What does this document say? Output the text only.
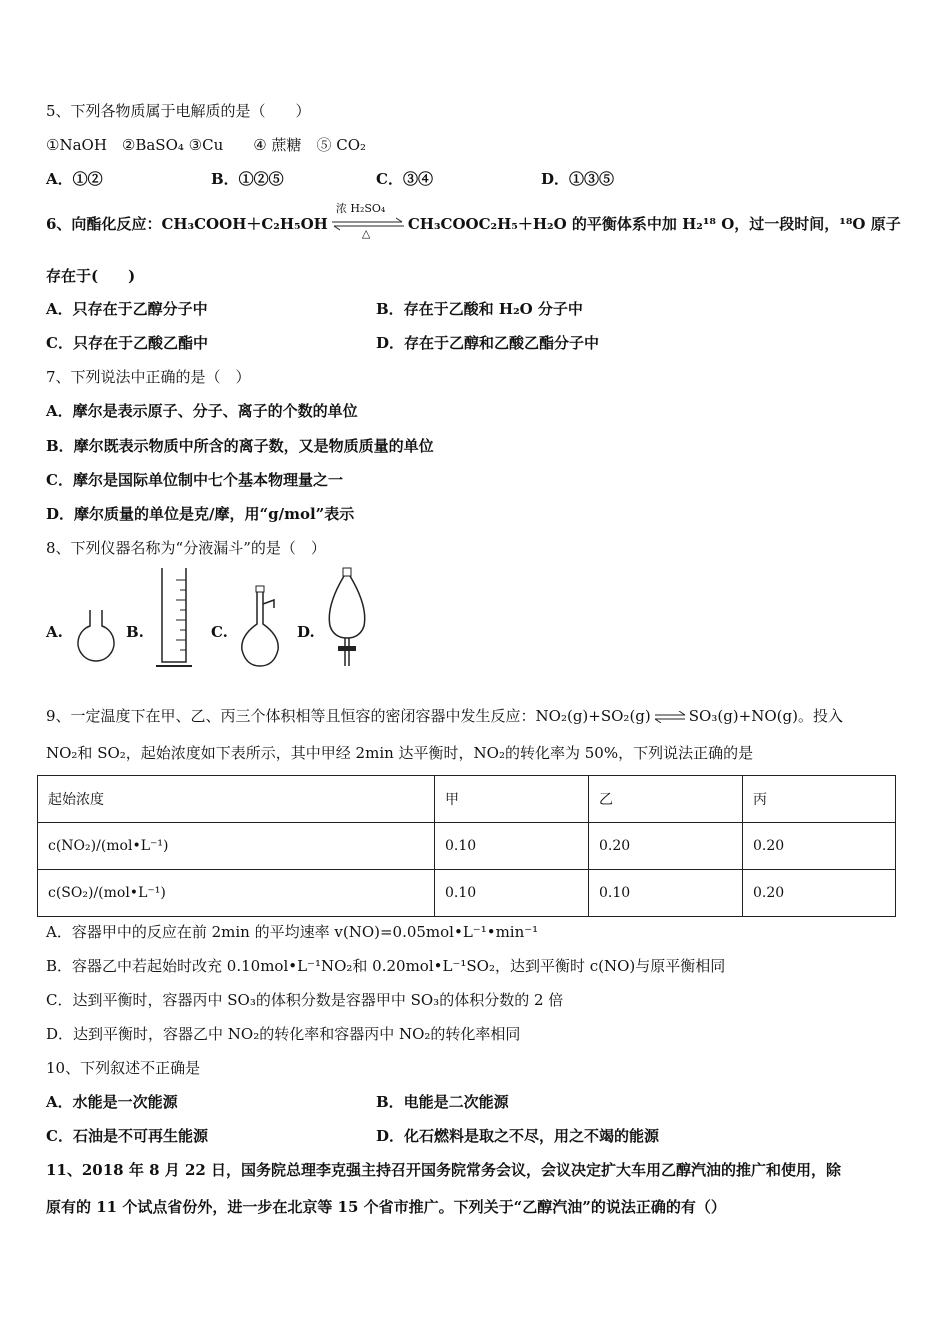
5、下列各物质属于电解质的是（　　）
①NaOH　②BaSO₄ ③Cu　　④ 蔗糖　⑤ CO₂
A．①②	B．①②⑤	C．③④	D．①③⑤
6、向酯化反应：CH₃COOH＋C₂H₅OH
浓 H₂SO₄
△
CH₃COOC₂H₅＋H₂O 的平衡体系中加 H₂¹⁸ O，过一段时间，¹⁸O 原子
存在于(　　)
A．只存在于乙醇分子中	B．存在于乙酸和 H₂O 分子中
C．只存在于乙酸乙酯中	D．存在于乙醇和乙酸乙酯分子中
7、下列说法中正确的是（　）
A．摩尔是表示原子、分子、离子的个数的单位
B．摩尔既表示物质中所含的离子数，又是物质质量的单位
C．摩尔是国际单位制中七个基本物理量之一
D．摩尔质量的单位是克/摩，用“g/mol”表示
8、下列仪器名称为“分液漏斗”的是（　）
A.	B.	C.	D.
9、一定温度下在甲、乙、丙三个体积相等且恒容的密闭容器中发生反应：NO₂(g)+SO₂(g) ⇌ SO₃(g)+NO(g)。投入
NO₂和 SO₂，起始浓度如下表所示，其中甲经 2min 达平衡时，NO₂的转化率为 50%，下列说法正确的是
起始浓度	甲	乙	丙
c(NO₂)/(mol•L⁻¹)	0.10	0.20	0.20
c(SO₂)/(mol•L⁻¹)	0.10	0.10	0.20
A．容器甲中的反应在前 2min 的平均速率 v(NO)=0.05mol•L⁻¹•min⁻¹
B．容器乙中若起始时改充 0.10mol•L⁻¹NO₂和 0.20mol•L⁻¹SO₂，达到平衡时 c(NO)与原平衡相同
C．达到平衡时，容器丙中 SO₃的体积分数是容器甲中 SO₃的体积分数的 2 倍
D．达到平衡时，容器乙中 NO₂的转化率和容器丙中 NO₂的转化率相同
10、下列叙述不正确是
A．水能是一次能源	B．电能是二次能源
C．石油是不可再生能源	D．化石燃料是取之不尽，用之不竭的能源
11、2018 年 8 月 22 日，国务院总理李克强主持召开国务院常务会议，会议决定扩大车用乙醇汽油的推广和使用，除
原有的 11 个试点省份外，进一步在北京等 15 个省市推广。下列关于“乙醇汽油”的说法正确的有（）
